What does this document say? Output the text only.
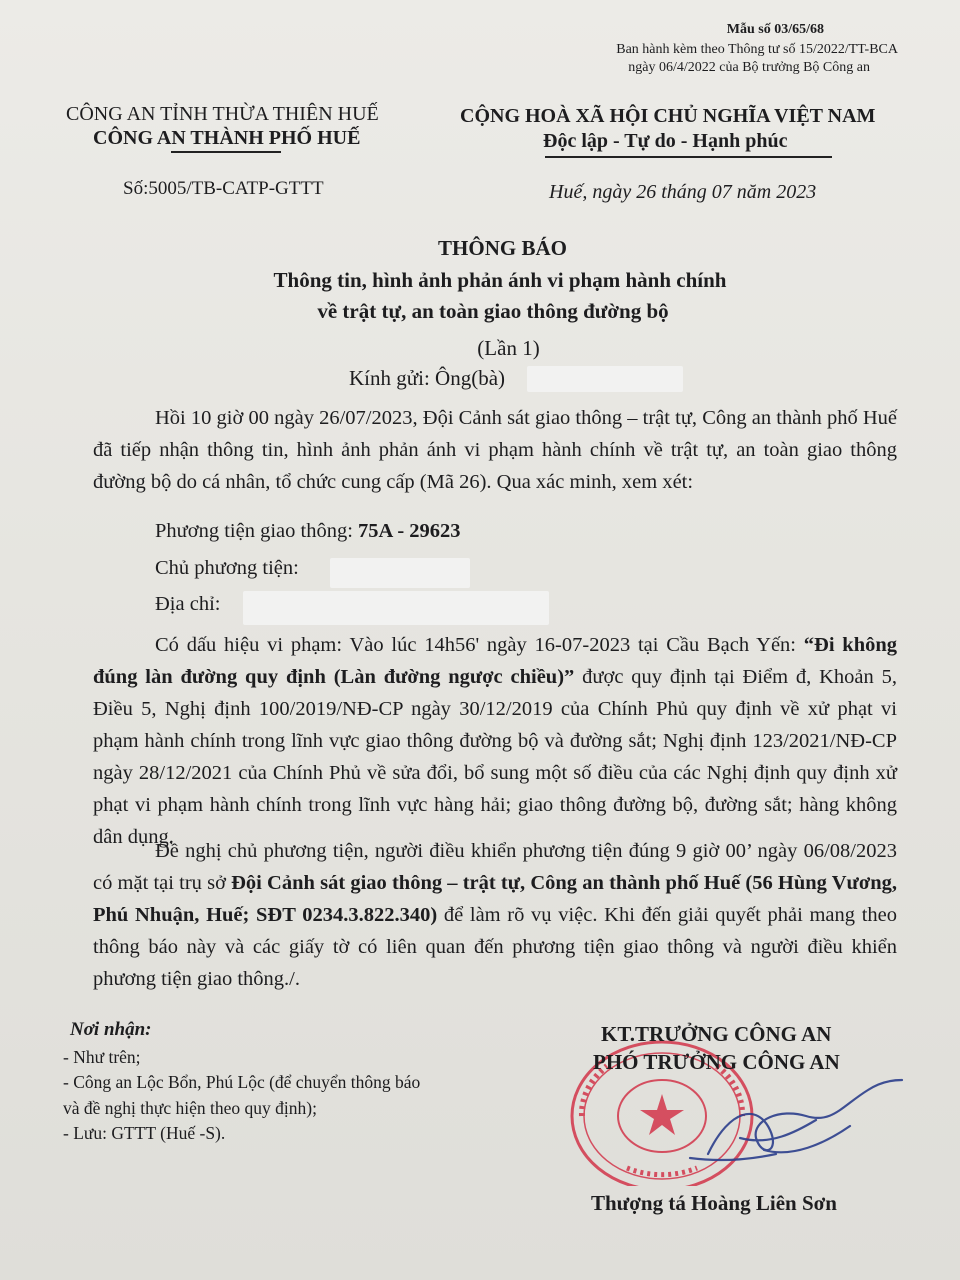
Mẫu số 03/65/68
Ban hành kèm theo Thông tư số 15/2022/TT-BCA
ngày 06/4/2022 của Bộ trưởng Bộ Công an
CÔNG AN TỈNH THỪA THIÊN HUẾ
CÔNG AN THÀNH PHỐ HUẾ
Số:5005/TB-CATP-GTTT
CỘNG HOÀ XÃ HỘI CHỦ NGHĨA VIỆT NAM
Độc lập - Tự do - Hạnh phúc
Huế, ngày 26 tháng 07 năm 2023
THÔNG BÁO
Thông tin, hình ảnh phản ánh vi phạm hành chính
về trật tự, an toàn giao thông đường bộ
(Lần 1)
Kính gửi: Ông(bà)

Hồi 10 giờ 00 ngày 26/07/2023, Đội Cảnh sát giao thông – trật tự, Công an thành phố Huế đã tiếp nhận thông tin, hình ảnh phản ánh vi phạm hành chính về trật tự, an toàn giao thông đường bộ do cá nhân, tổ chức cung cấp (Mã 26). Qua xác minh, xem xét:

Phương tiện giao thông: 75A - 29623
Chủ phương tiện:
Địa chỉ:

Có dấu hiệu vi phạm: Vào lúc 14h56' ngày 16-07-2023 tại Cầu Bạch Yến: “Đi không đúng làn đường quy định (Làn đường ngược chiều)” được quy định tại Điểm đ, Khoản 5, Điều 5, Nghị định 100/2019/NĐ-CP ngày 30/12/2019 của Chính Phủ quy định về xử phạt vi phạm hành chính trong lĩnh vực giao thông đường bộ và đường sắt; Nghị định 123/2021/NĐ-CP ngày 28/12/2021 của Chính Phủ về sửa đổi, bổ sung một số điều của các Nghị định quy định xử phạt vi phạm hành chính trong lĩnh vực hàng hải; giao thông đường bộ, đường sắt; hàng không dân dụng.

Đề nghị chủ phương tiện, người điều khiển phương tiện đúng 9 giờ 00’ ngày 06/08/2023 có mặt tại trụ sở Đội Cảnh sát giao thông – trật tự, Công an thành phố Huế (56 Hùng Vương, Phú Nhuận, Huế; SĐT 0234.3.822.340) để làm rõ vụ việc. Khi đến giải quyết phải mang theo thông báo này và các giấy tờ có liên quan đến phương tiện giao thông và người điều khiển phương tiện giao thông./.

Nơi nhận:
- Như trên;
- Công an Lộc Bổn, Phú Lộc (để chuyển thông báo
và đề nghị thực hiện theo quy định);
- Lưu: GTTT (Huế -S).
KT.TRƯỞNG CÔNG AN
PHÓ TRƯỞNG CÔNG AN
Thượng tá Hoàng Liên Sơn
